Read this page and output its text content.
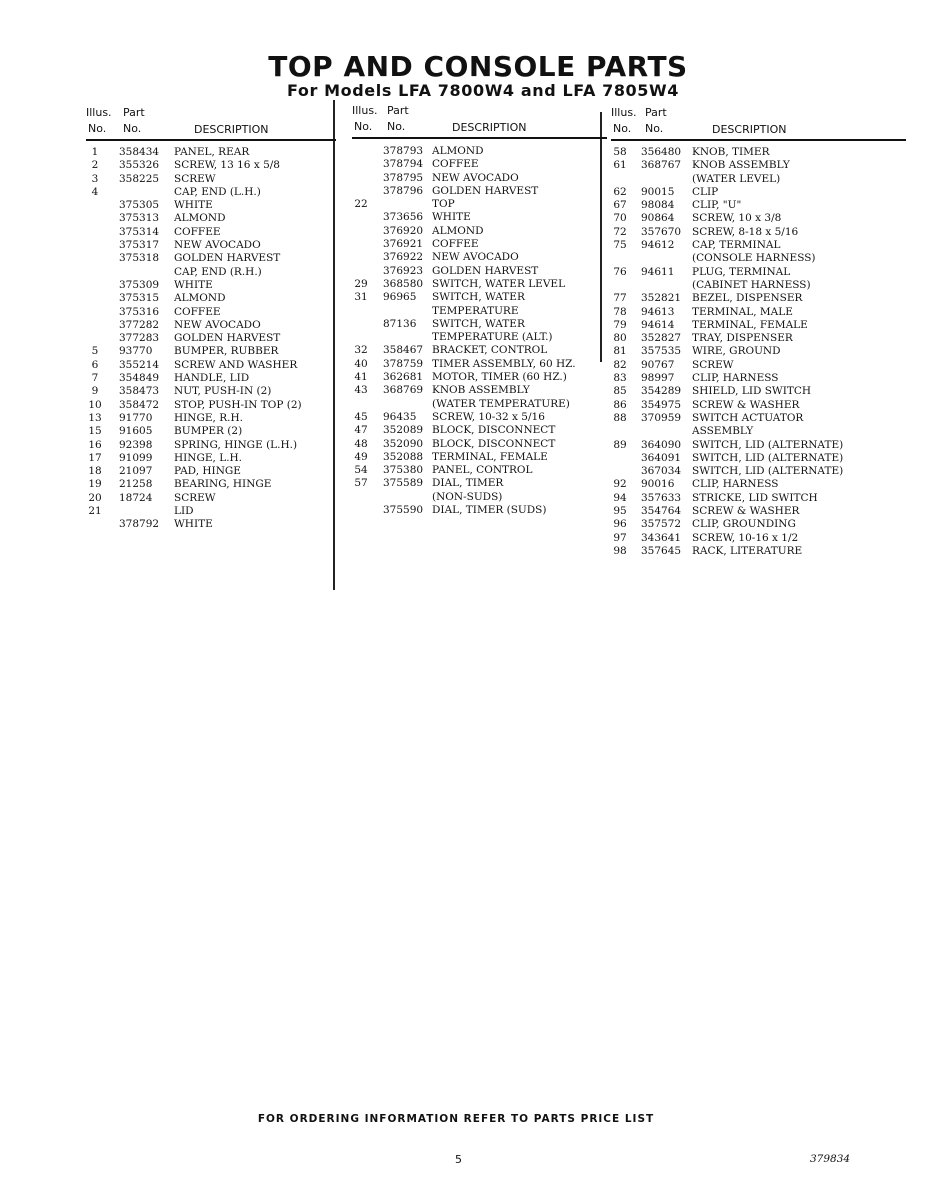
TOP AND CONSOLE PARTS
For Models LFA 7800W4 and LFA 7805W4
Illus. Part
No. No.	DESCRIPTION
1	358434 PANEL, REAR
2	355326 SCREW, 13 16 x 5/8
3	358225 SCREW
4	CAP, END (L.H.)
375305 WHITE
375313 ALMOND
375314 COFFEE
375317 NEW AVOCADO
375318 GOLDEN HARVEST
CAP, END (R.H.)
375309 WHITE
375315 ALMOND
375316 COFFEE
377282 NEW AVOCADO
377283 GOLDEN HARVEST
5	93770 BUMPER, RUBBER
6	355214 SCREW AND WASHER
7	354849 HANDLE, LID
9	358473 NUT, PUSH-IN (2)
10	358472 STOP, PUSH-IN TOP (2)
13	91770 HINGE, R.H.
15	91605 BUMPER (2)
16	92398 SPRING, HINGE (L.H.)
17	91099 HINGE, L.H.
18	21097 PAD, HINGE
19	21258 BEARING, HINGE
20	18724 SCREW
21	LID
378792 WHITE
Illus. Part
No. No.	DESCRIPTION
378793 ALMOND
378794 COFFEE
378795 NEW AVOCADO
378796 GOLDEN HARVEST
22	TOP
373656 WHITE
376920 ALMOND
376921 COFFEE
376922 NEW AVOCADO
376923 GOLDEN HARVEST
29	368580 SWITCH, WATER LEVEL
31	96965 SWITCH, WATER
TEMPERATURE
87136 SWITCH, WATER
TEMPERATURE (ALT.)
32	358467 BRACKET, CONTROL
40	378759 TIMER ASSEMBLY, 60 HZ.
41	362681 MOTOR, TIMER (60 HZ.)
43	368769 KNOB ASSEMBLY
(WATER TEMPERATURE)
45	96435 SCREW, 10-32 x 5/16
47	352089 BLOCK, DISCONNECT
48	352090 BLOCK, DISCONNECT
49	352088 TERMINAL, FEMALE
54	375380 PANEL, CONTROL
57	375589 DIAL, TIMER
(NON-SUDS)
375590 DIAL, TIMER (SUDS)
Illus. Part
No. No.	DESCRIPTION
58	356480 KNOB, TIMER
61	368767 KNOB ASSEMBLY
(WATER LEVEL)
62	90015 CLIP
67	98084 CLIP, "U"
70	90864 SCREW, 10 x 3/8
72	357670 SCREW, 8-18 x 5/16
75	94612 CAP, TERMINAL
(CONSOLE HARNESS)
76	94611 PLUG, TERMINAL
(CABINET HARNESS)
77	352821 BEZEL, DISPENSER
78	94613 TERMINAL, MALE
79	94614 TERMINAL, FEMALE
80	352827 TRAY, DISPENSER
81	357535 WIRE, GROUND
82	90767 SCREW
83	98997 CLIP, HARNESS
85	354289 SHIELD, LID SWITCH
86	354975 SCREW & WASHER
88	370959 SWITCH ACTUATOR
ASSEMBLY
89	364090 SWITCH, LID (ALTERNATE)
364091 SWITCH, LID (ALTERNATE)
367034 SWITCH, LID (ALTERNATE)
92	90016 CLIP, HARNESS
94	357633 STRICKE, LID SWITCH
95	354764 SCREW & WASHER
96	357572 CLIP, GROUNDING
97	343641 SCREW, 10-16 x 1/2
98	357645 RACK, LITERATURE
FOR ORDERING INFORMATION REFER TO PARTS PRICE LIST
5	379834
